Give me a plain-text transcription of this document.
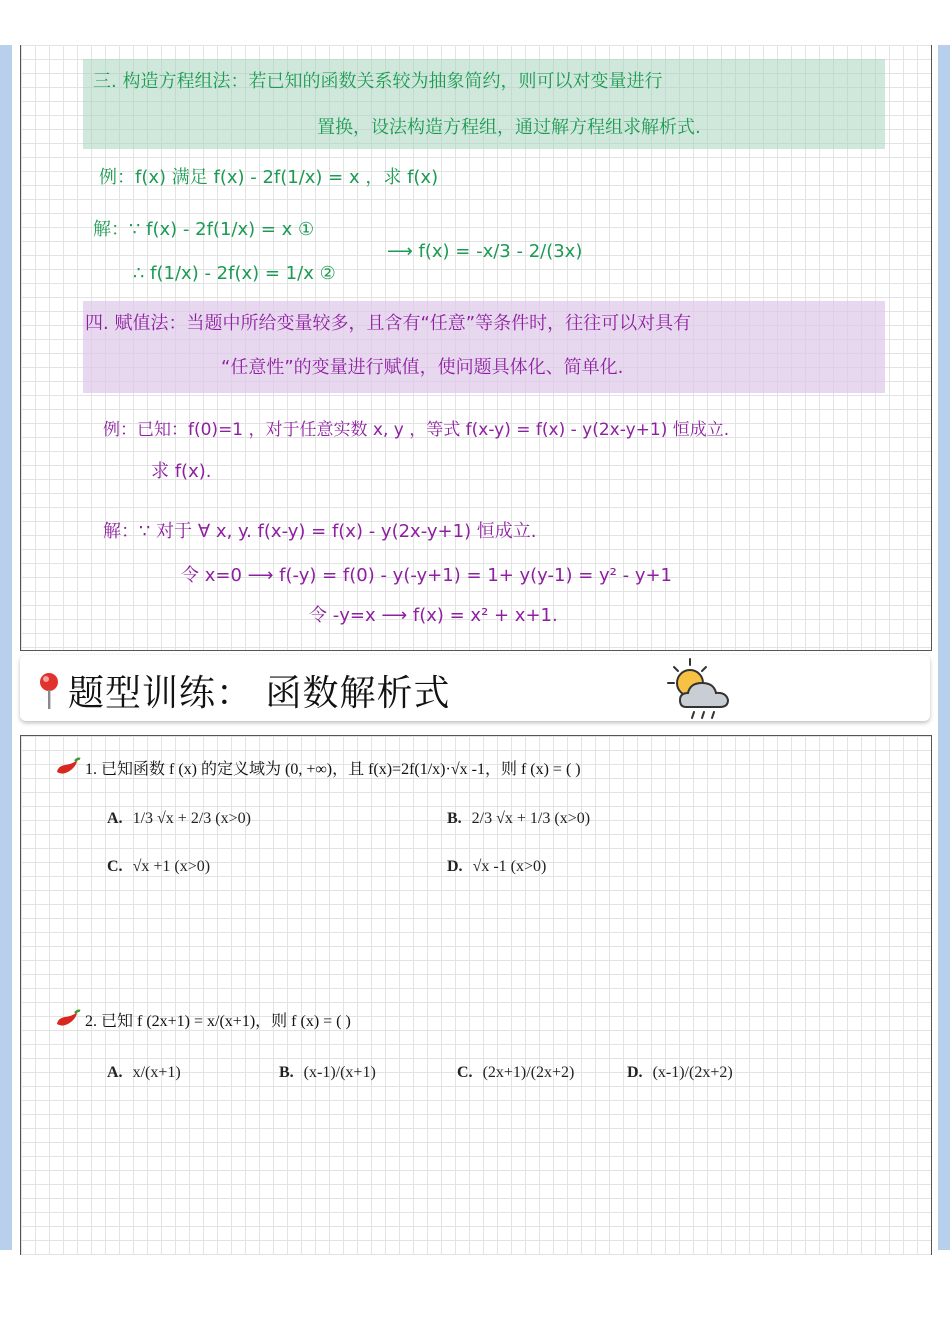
三. 构造方程组法：若已知的函数关系较为抽象简约，则可以对变量进行
置换，设法构造方程组，通过解方程组求解析式.
例：f(x) 满足 f(x) - 2f(1/x) = x ，求 f(x)
解：∵ f(x) - 2f(1/x) = x ①
∴ f(1/x) - 2f(x) = 1/x ②
⟶ f(x) = -x/3 - 2/(3x)
四. 赋值法：当题中所给变量较多，且含有“任意”等条件时，往往可以对具有
“任意性”的变量进行赋值，使问题具体化、简单化.
例：已知：f(0)=1 ，对于任意实数 x, y ，等式 f(x-y) = f(x) - y(2x-y+1) 恒成立.
求 f(x).
解：∵ 对于 ∀ x, y. f(x-y) = f(x) - y(2x-y+1) 恒成立.
令 x=0 ⟶ f(-y) = f(0) - y(-y+1) = 1+ y(y-1) = y² - y+1
令 -y=x ⟶ f(x) = x² + x+1.
题型训练： 函数解析式
1. 已知函数 f (x) 的定义域为 (0, +∞)，且 f(x)=2f(1/x)·√x -1，则 f (x) = ( )
A. 1/3 √x + 2/3 (x>0)	B. 2/3 √x + 1/3 (x>0)
C. √x +1 (x>0)	D. √x -1 (x>0)
2. 已知 f (2x+1) = x/(x+1)，则 f (x) = ( )
A. x/(x+1)	B. (x-1)/(x+1)	C. (2x+1)/(2x+2)	D. (x-1)/(2x+2)
